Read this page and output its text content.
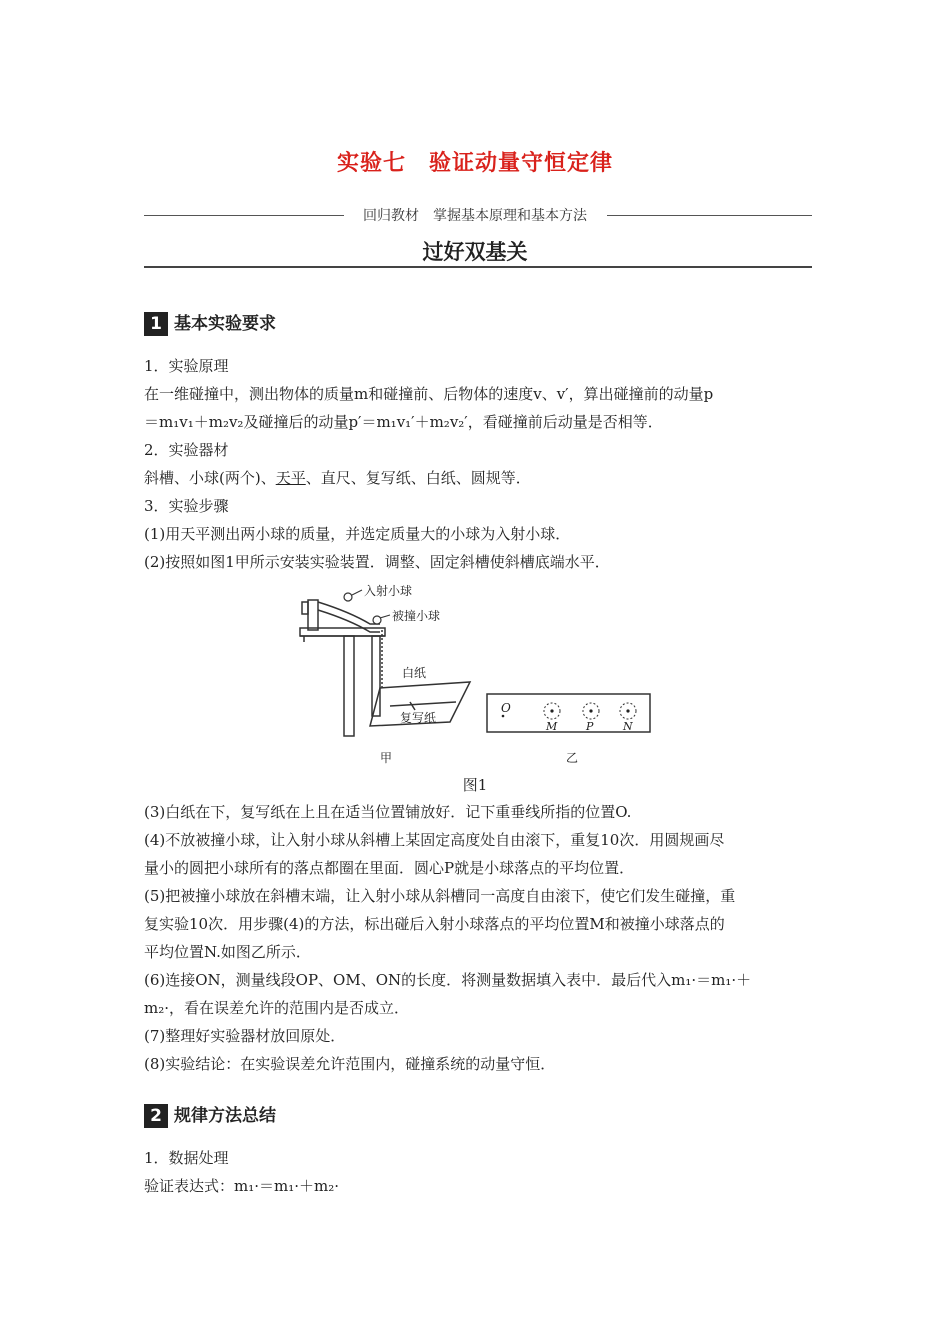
实验七　验证动量守恒定律
回归教材　掌握基本原理和基本方法
过好双基关
1 基本实验要求
1．实验原理
在一维碰撞中，测出物体的质量m和碰撞前、后物体的速度v、v′，算出碰撞前的动量p
＝m₁v₁＋m₂v₂及碰撞后的动量p′＝m₁v₁′＋m₂v₂′，看碰撞前后动量是否相等．
2．实验器材
斜槽、小球(两个)、天平、直尺、复写纸、白纸、圆规等．
3．实验步骤
(1)用天平测出两小球的质量，并选定质量大的小球为入射小球．
(2)按照如图1甲所示安装实验装置．调整、固定斜槽使斜槽底端水平．
入射小球
被撞小球
白纸
复写纸
甲
O
M	P	N
乙
图1
(3)白纸在下，复写纸在上且在适当位置铺放好．记下重垂线所指的位置O.
(4)不放被撞小球，让入射小球从斜槽上某固定高度处自由滚下，重复10次．用圆规画尽
量小的圆把小球所有的落点都圈在里面．圆心P就是小球落点的平均位置．
(5)把被撞小球放在斜槽末端，让入射小球从斜槽同一高度自由滚下，使它们发生碰撞，重
复实验10次．用步骤(4)的方法，标出碰后入射小球落点的平均位置M和被撞小球落点的
平均位置N.如图乙所示．
(6)连接ON，测量线段OP、OM、ON的长度．将测量数据填入表中．最后代入m₁·＝m₁·＋
m₂·，看在误差允许的范围内是否成立．
(7)整理好实验器材放回原处．
(8)实验结论：在实验误差允许范围内，碰撞系统的动量守恒．
2 规律方法总结
1．数据处理
验证表达式：m₁·＝m₁·＋m₂·
